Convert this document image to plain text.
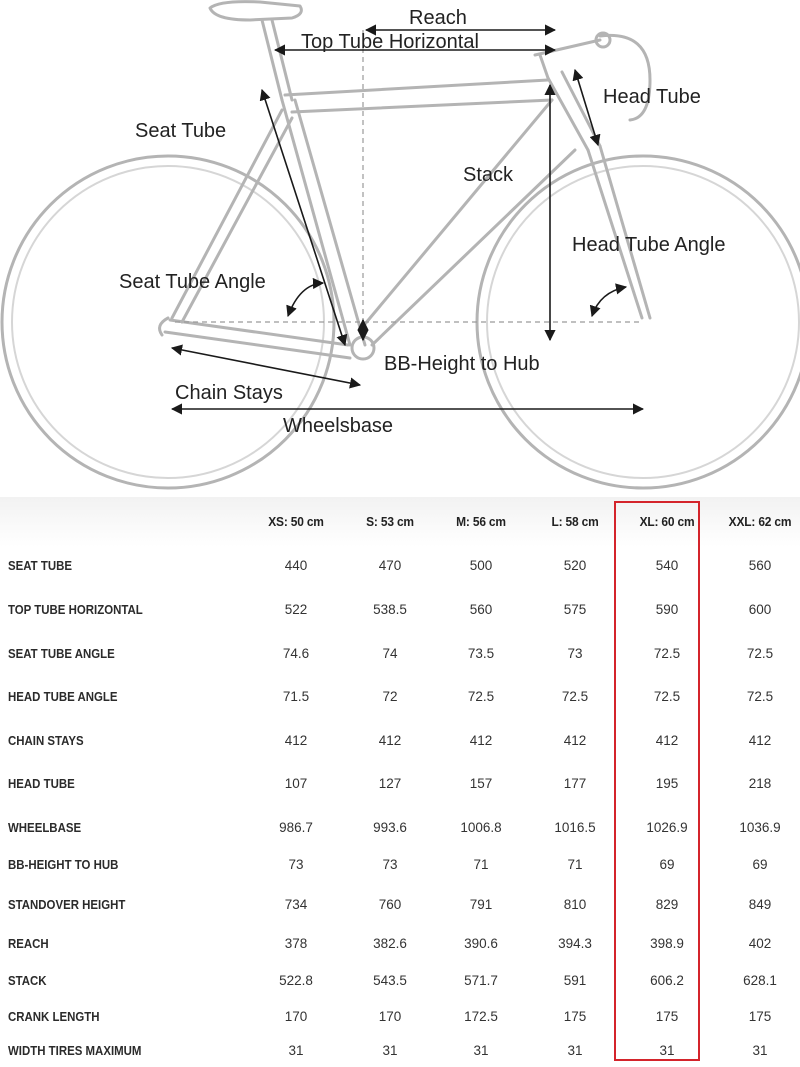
Reach
Top Tube Horizontal
Head Tube
Seat Tube
Stack
Head Tube Angle
Seat Tube Angle
BB-Height to Hub
Chain Stays
Wheelsbase
XS: 50 cm	S: 53 cm	M: 56 cm	L: 58 cm	XL: 60 cm	XXL: 62 cm
SEAT TUBE	440	470	500	520	540	560
TOP TUBE HORIZONTAL	522	538.5	560	575	590	600
SEAT TUBE ANGLE	74.6	74	73.5	73	72.5	72.5
HEAD TUBE ANGLE	71.5	72	72.5	72.5	72.5	72.5
CHAIN STAYS	412	412	412	412	412	412
HEAD TUBE	107	127	157	177	195	218
WHEELBASE	986.7	993.6	1006.8	1016.5	1026.9	1036.9
BB-HEIGHT TO HUB	73	73	71	71	69	69
STANDOVER HEIGHT	734	760	791	810	829	849
REACH	378	382.6	390.6	394.3	398.9	402
STACK	522.8	543.5	571.7	591	606.2	628.1
CRANK LENGTH	170	170	172.5	175	175	175
WIDTH TIRES MAXIMUM	31	31	31	31	31	31
